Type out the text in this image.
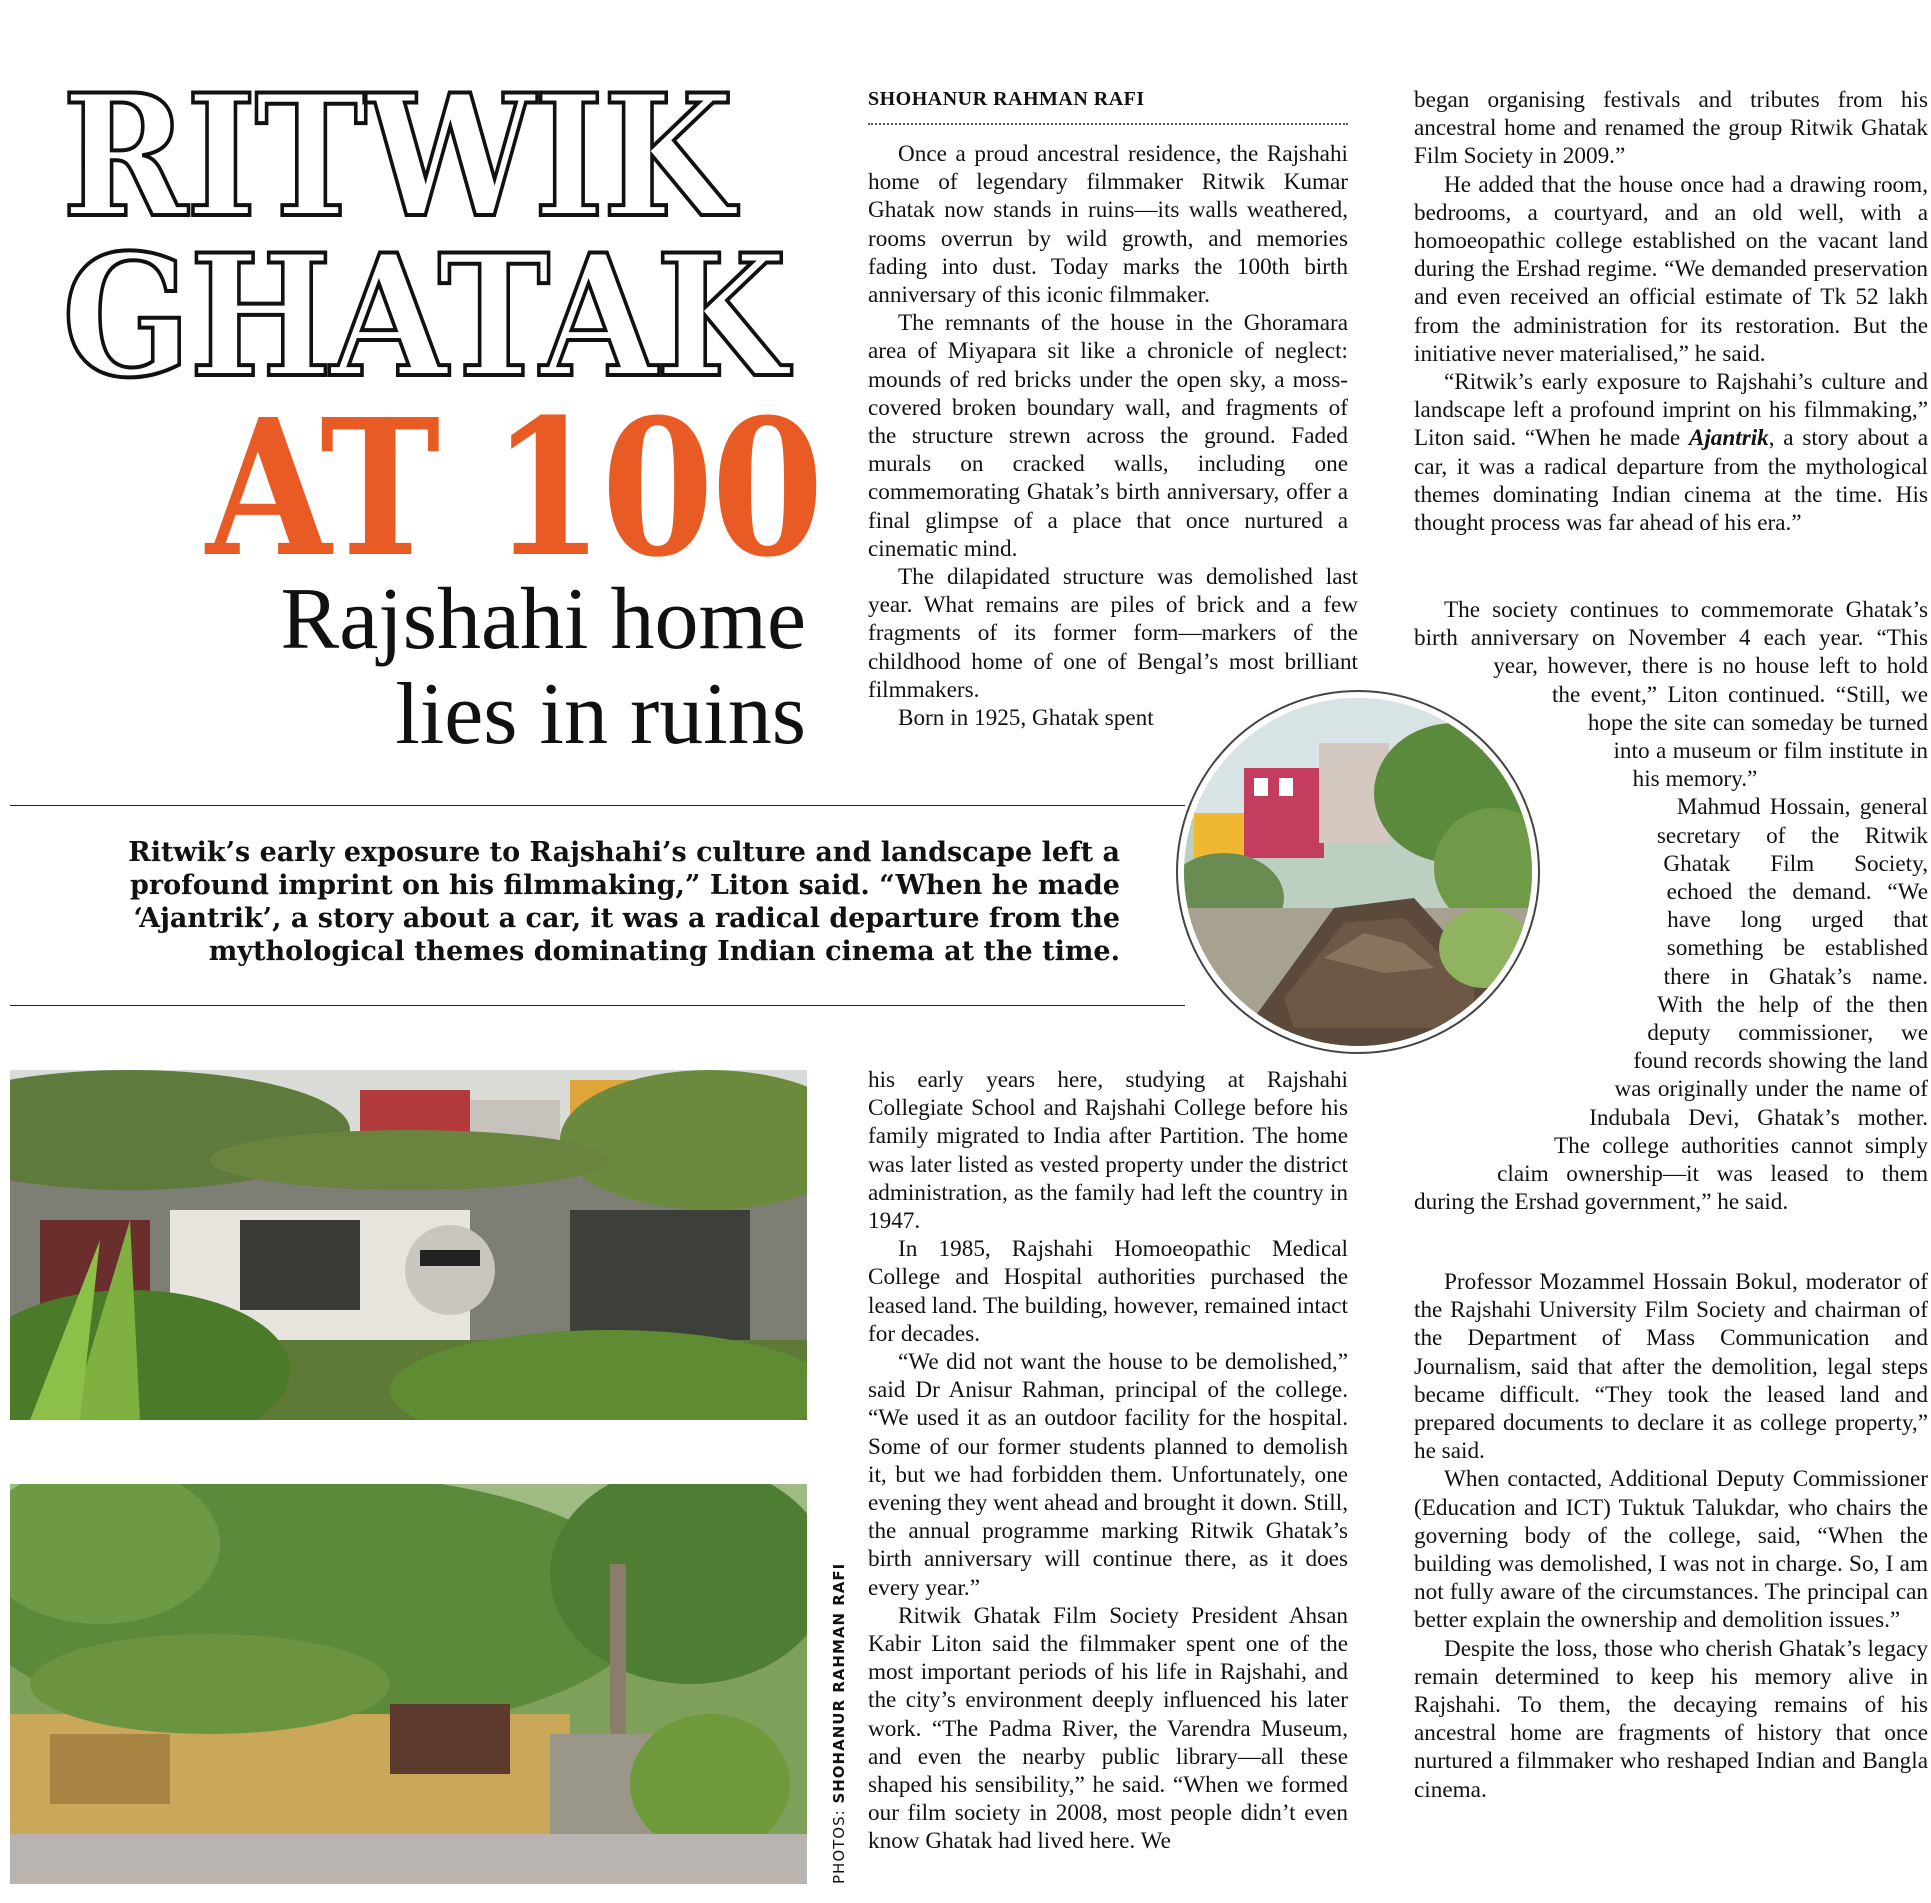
RITWIK
GHATAK
AT 100
Rajshahi home
lies in ruins
SHOHANUR RAHMAN RAFI

Once a proud ancestral residence, the Rajshahi home of legendary filmmaker Ritwik Kumar Ghatak now stands in ruins—its walls weathered, rooms overrun by wild growth, and memories fading into dust. Today marks the 100th birth anniversary of this iconic filmmaker.

The remnants of the house in the Ghoramara area of Miyapara sit like a chronicle of neglect: mounds of red bricks under the open sky, a moss-covered broken boundary wall, and fragments of the structure strewn across the ground. Faded murals on cracked walls, including one commemorating Ghatak’s birth anniversary, offer a final glimpse of a place that once nurtured a cinematic mind.

The dilapidated structure was demolished last year. What remains are piles of brick and a few fragments of its former form—markers of the childhood home of one of Bengal’s most brilliant filmmakers.

Born in 1925, Ghatak spent

began organising festivals and tributes from his ancestral home and renamed the group Ritwik Ghatak Film Society in 2009.”

He added that the house once had a drawing room, bedrooms, a courtyard, and an old well, with a homoeopathic college established on the vacant land during the Ershad regime. “We demanded preservation and even received an official estimate of Tk 52 lakh from the administration for its restoration. But the initiative never materialised,” he said.

“Ritwik’s early exposure to Rajshahi’s culture and landscape left a profound imprint on his filmmaking,” Liton said. “When he made Ajantrik, a story about a car, it was a radical departure from the mythological themes dominating Indian cinema at the time. His thought process was far ahead of his era.”

The society continues to commemorate Ghatak’s birth anniversary on November 4 each year. “This year, however, there is no house left to hold the event,” Liton continued. “Still, we hope the site can someday be turned into a museum or film institute in his memory.”

Mahmud Hossain, general secretary of the Ritwik Ghatak Film Society, echoed the demand. “We have long urged that something be established there in Ghatak’s name. With the help of the then deputy commissioner, we found records showing the land was originally under the name of Indubala Devi, Ghatak’s mother. The college authorities cannot simply claim ownership—it was leased to them during the Ershad government,” he said.

Professor Mozammel Hossain Bokul, moderator of the Rajshahi University Film Society and chairman of the Department of Mass Communication and Journalism, said that after the demolition, legal steps became difficult. “They took the leased land and prepared documents to declare it as college property,” he said.

When contacted, Additional Deputy Commissioner (Education and ICT) Tuktuk Talukdar, who chairs the governing body of the college, said, “When the building was demolished, I was not in charge. So, I am not fully aware of the circumstances. The principal can better explain the ownership and demolition issues.”

Despite the loss, those who cherish Ghatak’s legacy remain determined to keep his memory alive in Rajshahi. To them, the decaying remains of his ancestral home are fragments of history that once nurtured a filmmaker who reshaped Indian and Bangla cinema.

Ritwik’s early exposure to Rajshahi’s culture and landscape left a profound imprint on his filmmaking,” Liton said. “When he made ‘Ajantrik’, a story about a car, it was a radical departure from the mythological themes dominating Indian cinema at the time.
PHOTOS: SHOHANUR RAHMAN RAFI

his early years here, studying at Rajshahi Collegiate School and Rajshahi College before his family migrated to India after Partition. The home was later listed as vested property under the district administration, as the family had left the country in 1947.

In 1985, Rajshahi Homoeopathic Medical College and Hospital authorities purchased the leased land. The building, however, remained intact for decades.

“We did not want the house to be demolished,” said Dr Anisur Rahman, principal of the college. “We used it as an outdoor facility for the hospital. Some of our former students planned to demolish it, but we had forbidden them. Unfortunately, one evening they went ahead and brought it down. Still, the annual programme marking Ritwik Ghatak’s birth anniversary will continue there, as it does every year.”

Ritwik Ghatak Film Society President Ahsan Kabir Liton said the filmmaker spent one of the most important periods of his life in Rajshahi, and the city’s environment deeply influenced his later work. “The Padma River, the Varendra Museum, and even the nearby public library—all these shaped his sensibility,” he said. “When we formed our film society in 2008, most people didn’t even know Ghatak had lived here. We
